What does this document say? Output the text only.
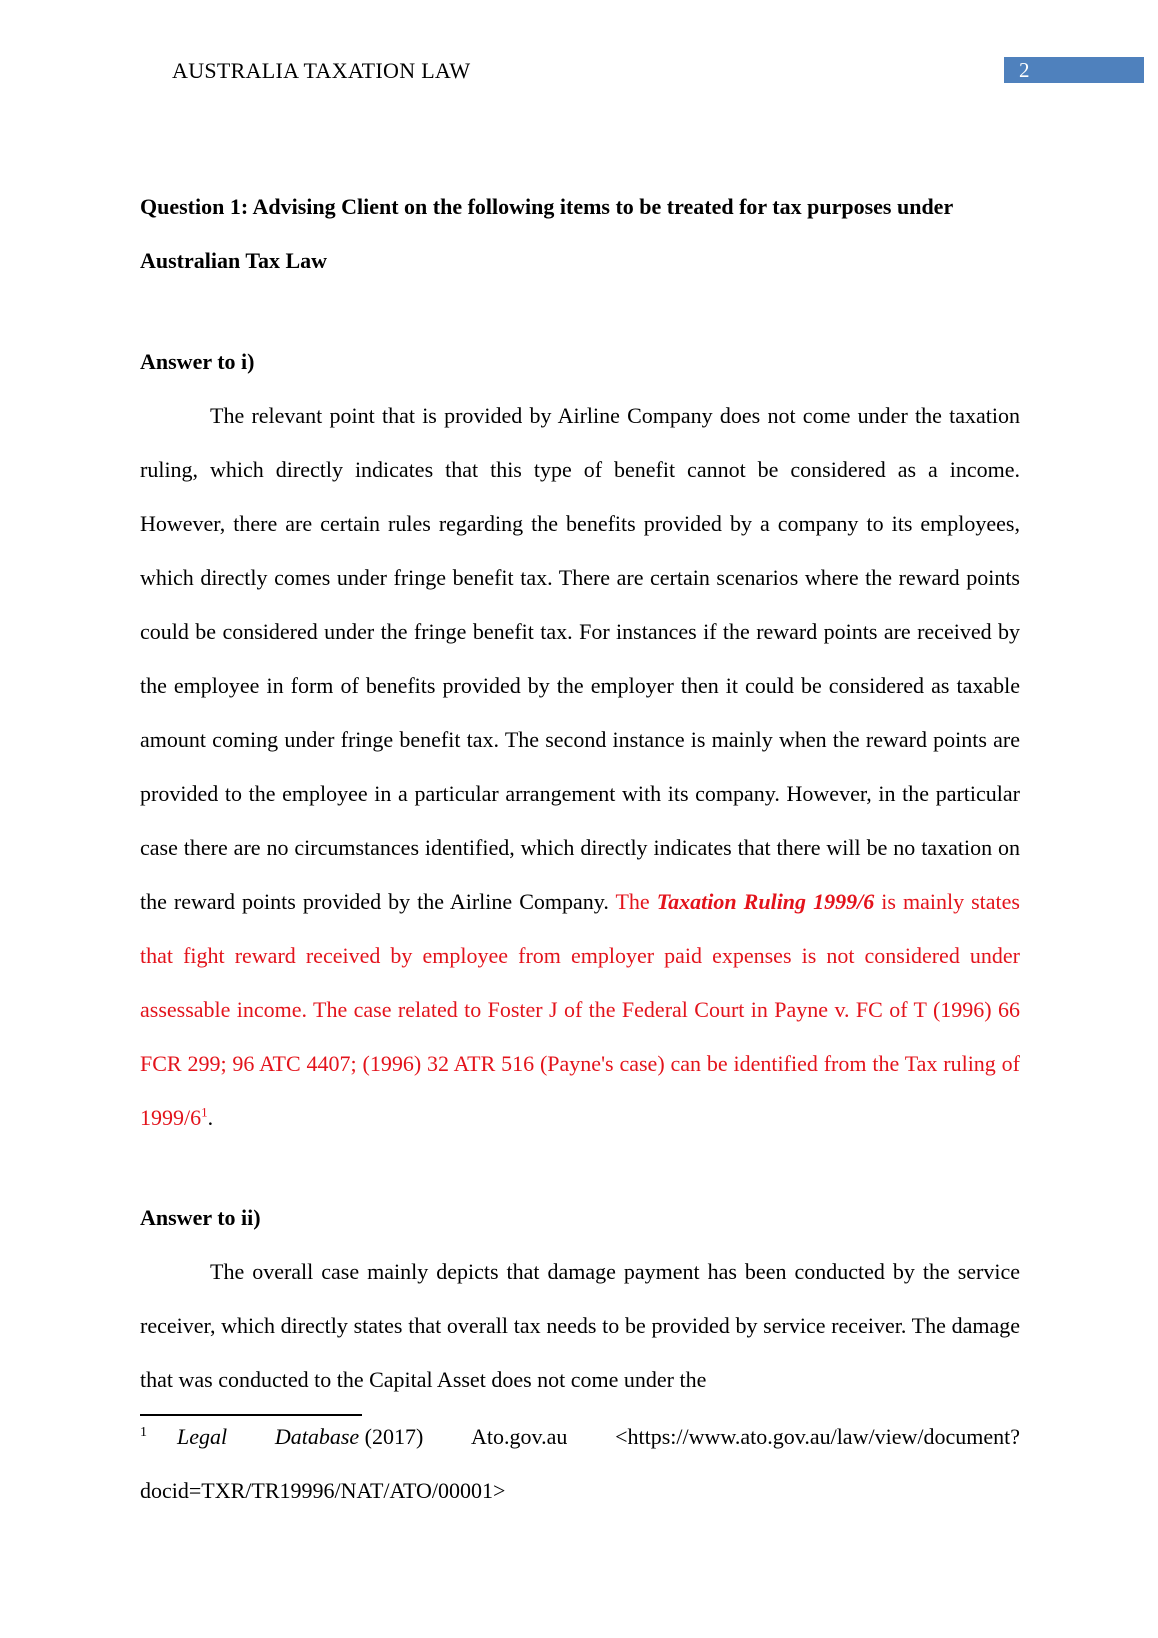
AUSTRALIA TAXATION LAW	2

Question 1: Advising Client on the following items to be treated for tax purposes under Australian Tax Law

Answer to i)

The relevant point that is provided by Airline Company does not come under the taxation ruling, which directly indicates that this type of benefit cannot be considered as a income. However, there are certain rules regarding the benefits provided by a company to its employees, which directly comes under fringe benefit tax. There are certain scenarios where the reward points could be considered under the fringe benefit tax. For instances if the reward points are received by the employee in form of benefits provided by the employer then it could be considered as taxable amount coming under fringe benefit tax. The second instance is mainly when the reward points are provided to the employee in a particular arrangement with its company. However, in the particular case there are no circumstances identified, which directly indicates that there will be no taxation on the reward points provided by the Airline Company. The Taxation Ruling 1999/6 is mainly states that fight reward received by employee from employer paid expenses is not considered under assessable income. The case related to Foster J of the Federal Court in Payne v. FC of T (1996) 66 FCR 299; 96 ATC 4407; (1996) 32 ATR 516 (Payne's case) can be identified from the Tax ruling of $1999/6^1$.

Answer to ii)

The overall case mainly depicts that damage payment has been conducted by the service receiver, which directly states that overall tax needs to be provided by service receiver. The damage that was conducted to the Capital Asset does not come under the

$^1$ Legal Database (2017) Ato.gov.au <https://www.ato.gov.au/law/view/document?
docid=TXR/TR19996/NAT/ATO/00001>
